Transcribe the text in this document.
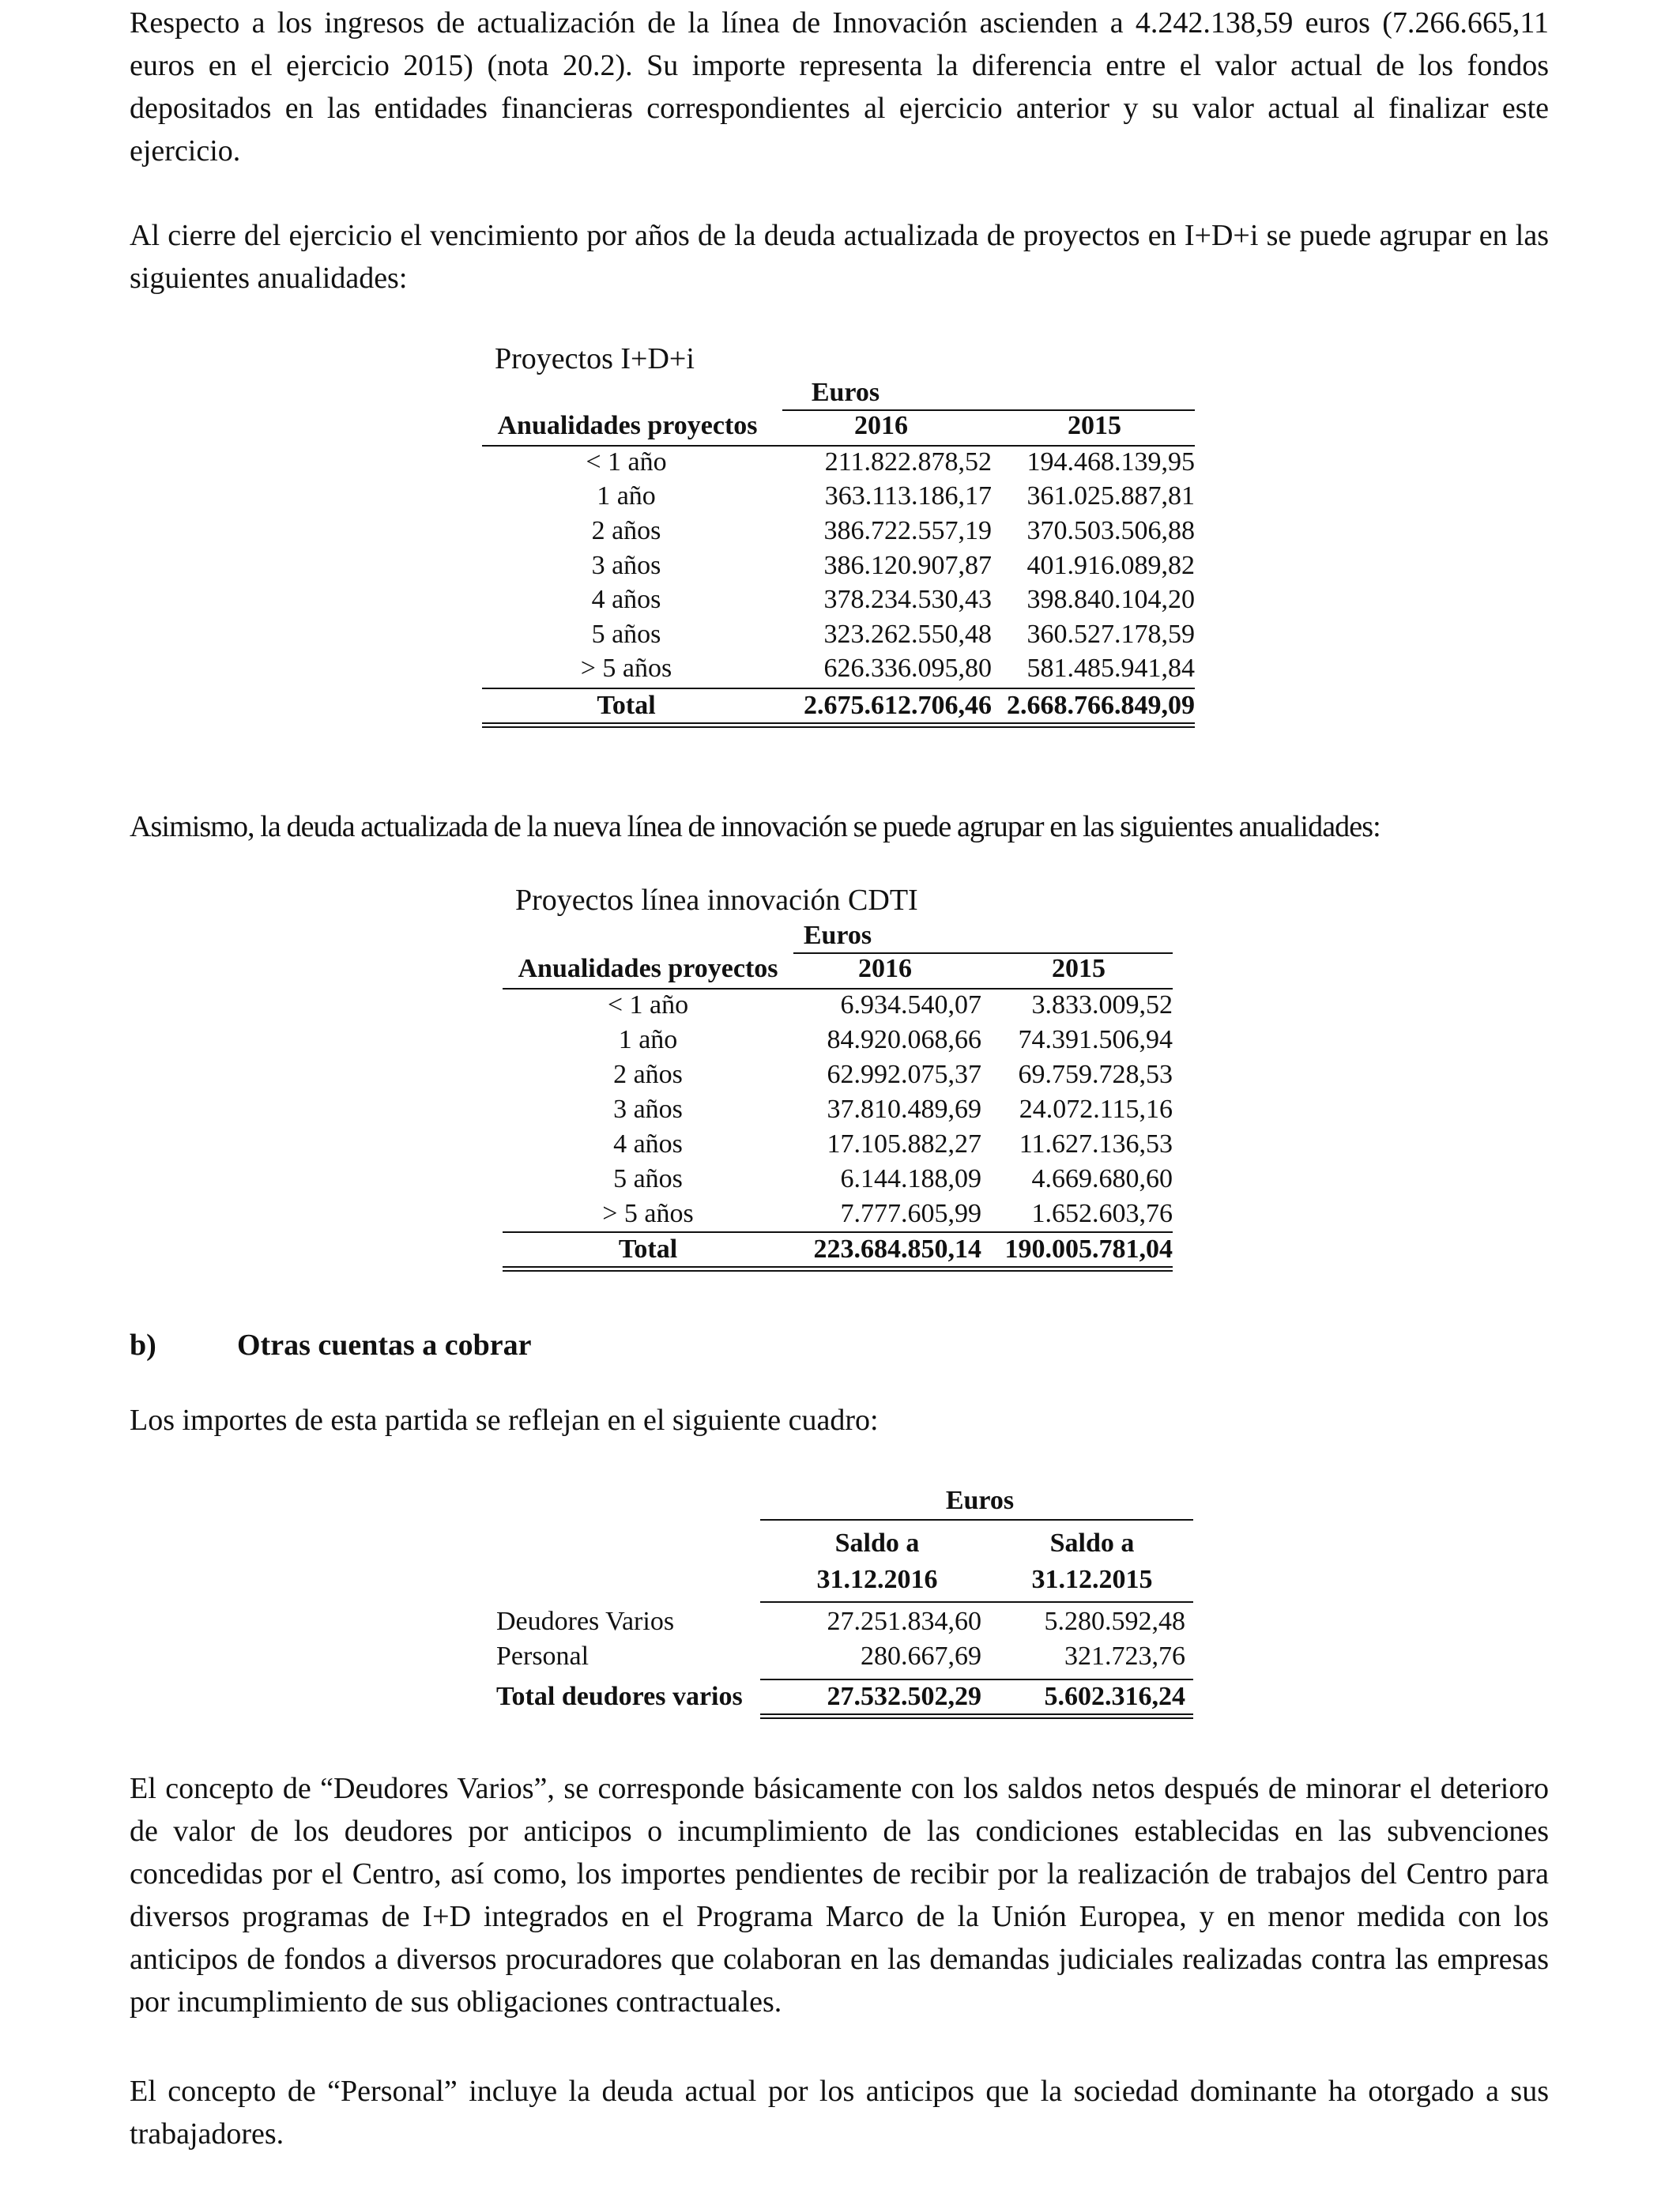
Respecto a los ingresos de actualización de la línea de Innovación ascienden a 4.242.138,59 euros (7.266.665,11 euros en el ejercicio 2015) (nota 20.2). Su importe representa la diferencia entre el valor actual de los fondos depositados en las entidades financieras correspondientes al ejercicio anterior y su valor actual al finalizar este ejercicio.

Al cierre del ejercicio el vencimiento por años de la deuda actualizada de proyectos en I+D+i se puede agrupar en las siguientes anualidades:

Proyectos I+D+i
Euros
Anualidades proyectos	2016	2015
< 1 año	211.822.878,52	194.468.139,95
1 año	363.113.186,17	361.025.887,81
2 años	386.722.557,19	370.503.506,88
3 años	386.120.907,87	401.916.089,82
4 años	378.234.530,43	398.840.104,20
5 años	323.262.550,48	360.527.178,59
> 5 años	626.336.095,80	581.485.941,84
Total	2.675.612.706,46	2.668.766.849,09

Asimismo, la deuda actualizada de la nueva línea de innovación se puede agrupar en las siguientes anualidades:

Proyectos línea innovación CDTI
Euros
Anualidades proyectos	2016	2015
< 1 año	6.934.540,07	3.833.009,52
1 año	84.920.068,66	74.391.506,94
2 años	62.992.075,37	69.759.728,53
3 años	37.810.489,69	24.072.115,16
4 años	17.105.882,27	11.627.136,53
5 años	6.144.188,09	4.669.680,60
> 5 años	7.777.605,99	1.652.603,76
Total	223.684.850,14	190.005.781,04
b)	Otras cuentas a cobrar

Los importes de esta partida se reflejan en el siguiente cuadro:

Euros
Saldo a
31.12.2016
Saldo a
31.12.2015
Deudores Varios	27.251.834,60	5.280.592,48
Personal	280.667,69	321.723,76
Total deudores varios	27.532.502,29	5.602.316,24

El concepto de “Deudores Varios”, se corresponde básicamente con los saldos netos después de minorar el deterioro de valor de los deudores por anticipos o incumplimiento de las condiciones establecidas en las subvenciones concedidas por el Centro, así como, los importes pendientes de recibir por la realización de trabajos del Centro para diversos programas de I+D integrados en el Programa Marco de la Unión Europea, y en menor medida con los anticipos de fondos a diversos procuradores que colaboran en las demandas judiciales realizadas contra las empresas por incumplimiento de sus obligaciones contractuales.

El concepto de “Personal” incluye la deuda actual por los anticipos que la sociedad dominante ha otorgado a sus trabajadores.
